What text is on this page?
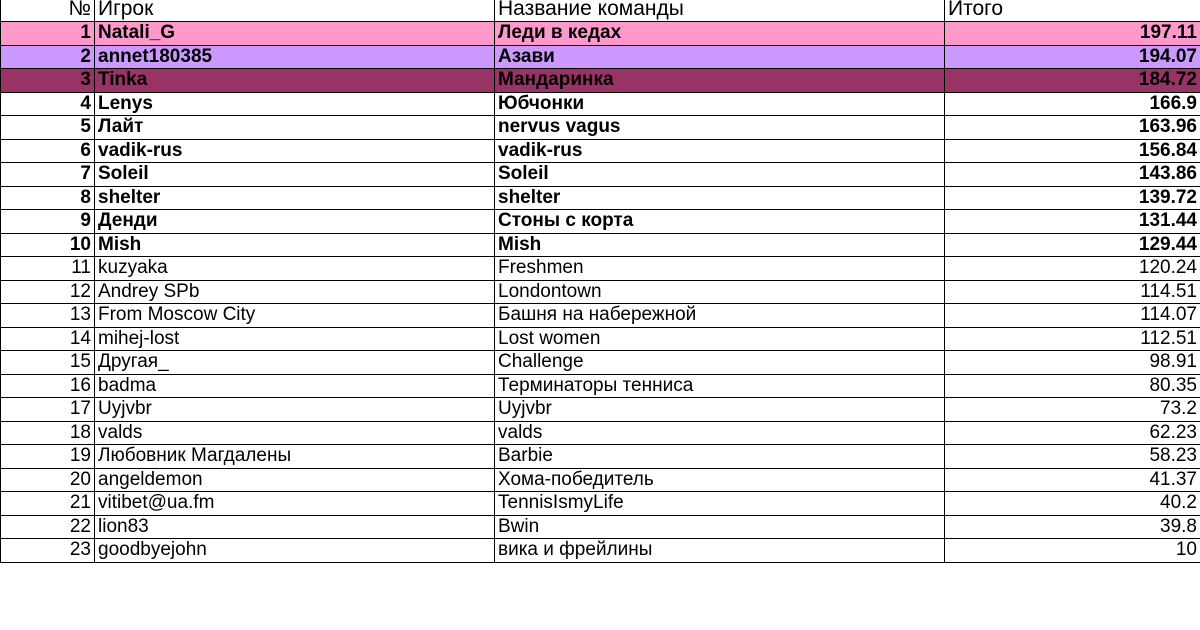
№	Игрок	Название команды	Итого
1	Natali_G	Леди в кедах	197.11
2	annet180385	Азави	194.07
3	Tinka	Мандаринка	184.72
4	Lenys	Юбчонки	166.9
5	Лайт	nervus vagus	163.96
6	vadik-rus	vadik-rus	156.84
7	Soleil	Soleil	143.86
8	shelter	shelter	139.72
9	Денди	Стоны с корта	131.44
10	Mish	Mish	129.44
11	kuzyaka	Freshmen	120.24
12	Andrey SPb	Londontown	114.51
13	From Moscow City	Башня на набережной	114.07
14	mihej-lost	Lost women	112.51
15	Другая_	Challenge	98.91
16	badma	Терминаторы тенниса	80.35
17	Uyjvbr	Uyjvbr	73.2
18	valds	valds	62.23
19	Любовник Магдалены	Barbie	58.23
20	angeldemon	Хома-победитель	41.37
21	vitibet@ua.fm	TennisIsmyLife	40.2
22	lion83	Bwin	39.8
23	goodbyejohn	вика и фрейлины	10
